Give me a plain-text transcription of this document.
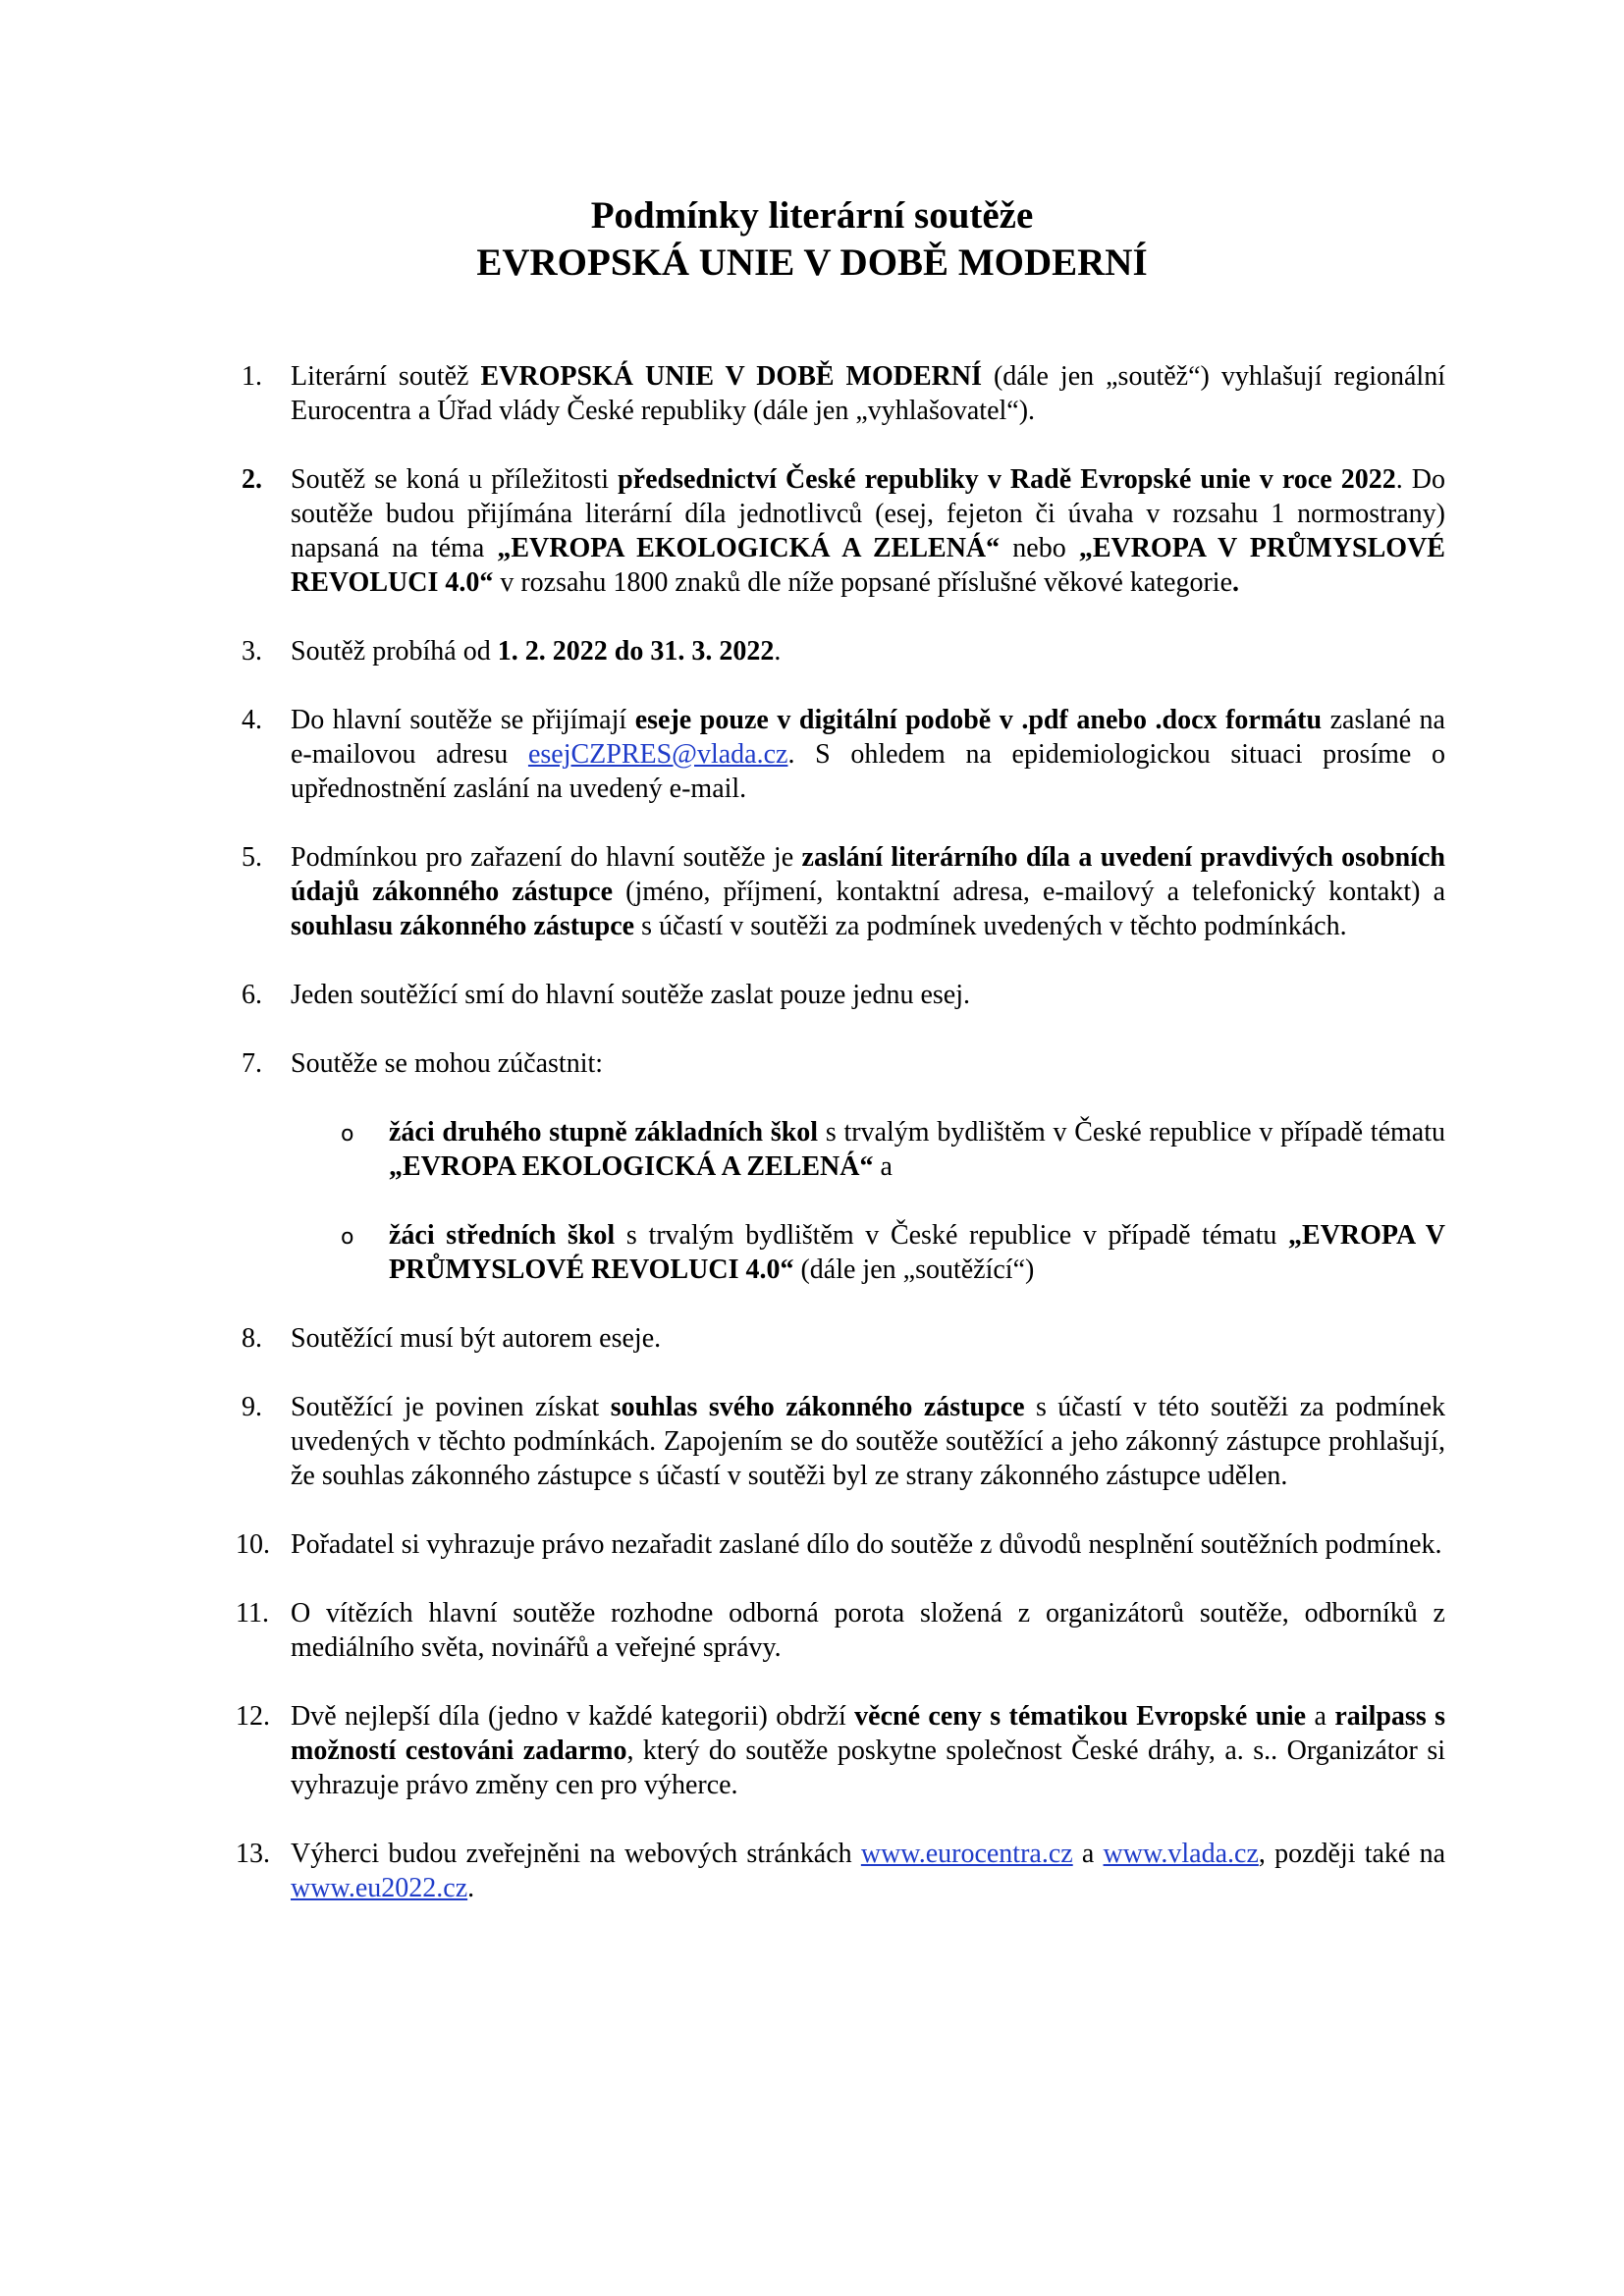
Podmínky literární soutěže
EVROPSKÁ UNIE V DOBĚ MODERNÍ
1.	Literární soutěž EVROPSKÁ UNIE V DOBĚ MODERNÍ (dále jen „soutěž“) vyhlašují regionální Eurocentra a Úřad vlády České republiky (dále jen „vyhlašovatel“).
2.	Soutěž se koná u příležitosti předsednictví České republiky v Radě Evropské unie v roce 2022. Do soutěže budou přijímána literární díla jednotlivců (esej, fejeton či úvaha v rozsahu 1 normostrany) napsaná na téma „EVROPA EKOLOGICKÁ A ZELENÁ“ nebo „EVROPA V PRŮMYSLOVÉ REVOLUCI 4.0“ v rozsahu 1800 znaků dle níže popsané příslušné věkové kategorie.
3.	Soutěž probíhá od 1. 2. 2022 do 31. 3. 2022.
4.	Do hlavní soutěže se přijímají eseje pouze v digitální podobě v .pdf anebo .docx formátu zaslané na e-mailovou adresu esejCZPRES@vlada.cz. S ohledem na epidemiologickou situaci prosíme o upřednostnění zaslání na uvedený e-mail.
5.	Podmínkou pro zařazení do hlavní soutěže je zaslání literárního díla a uvedení pravdivých osobních údajů zákonného zástupce (jméno, příjmení, kontaktní adresa, e-mailový a telefonický kontakt) a souhlasu zákonného zástupce s účastí v soutěži za podmínek uvedených v těchto podmínkách.
6.	Jeden soutěžící smí do hlavní soutěže zaslat pouze jednu esej.
7.	Soutěže se mohou zúčastnit:
o žáci druhého stupně základních škol s trvalým bydlištěm v České republice v případě tématu „EVROPA EKOLOGICKÁ A ZELENÁ“ a
o žáci středních škol s trvalým bydlištěm v České republice v případě tématu „EVROPA V PRŮMYSLOVÉ REVOLUCI 4.0“ (dále jen „soutěžící“)
8.	Soutěžící musí být autorem eseje.
9.	Soutěžící je povinen získat souhlas svého zákonného zástupce s účastí v této soutěži za podmínek uvedených v těchto podmínkách. Zapojením se do soutěže soutěžící a jeho zákonný zástupce prohlašují, že souhlas zákonného zástupce s účastí v soutěži byl ze strany zákonného zástupce udělen.
10. Pořadatel si vyhrazuje právo nezařadit zaslané dílo do soutěže z důvodů nesplnění soutěžních podmínek.
11. O vítězích hlavní soutěže rozhodne odborná porota složená z organizátorů soutěže, odborníků z mediálního světa, novinářů a veřejné správy.
12. Dvě nejlepší díla (jedno v každé kategorii) obdrží věcné ceny s tématikou Evropské unie a railpass s možností cestováni zadarmo, který do soutěže poskytne společnost České dráhy, a. s.. Organizátor si vyhrazuje právo změny cen pro výherce.
13. Výherci budou zveřejněni na webových stránkách www.eurocentra.cz a www.vlada.cz, později také na www.eu2022.cz.
